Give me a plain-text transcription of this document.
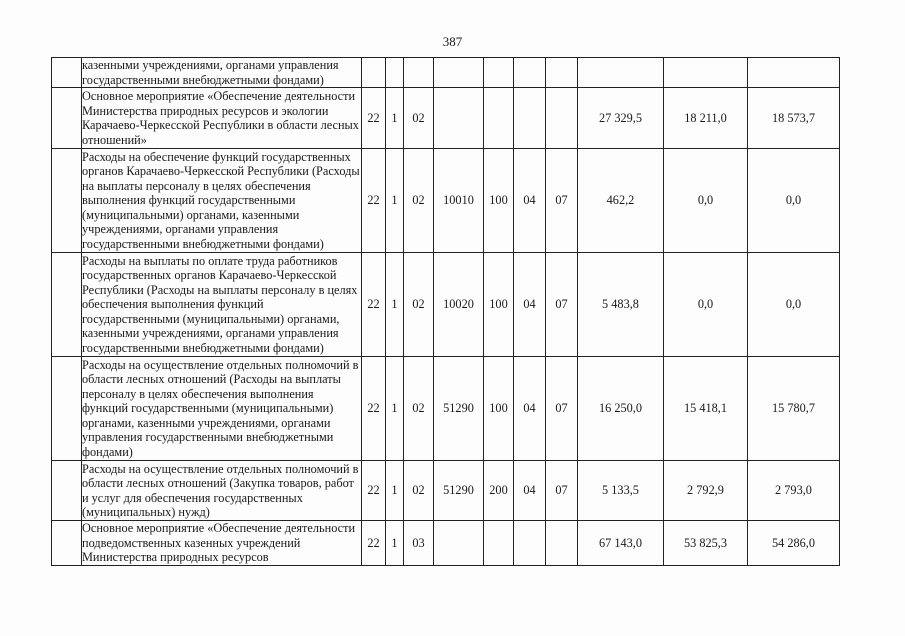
387
	казенными учреждениями, органами управления государственными внебюджетными фондами)										
	Основное мероприятие «Обеспечение деятельности Министерства природных ресурсов и экологии Карачаево-Черкесской Республики в области лесных отношений»	22	1	02					27 329,5	18 211,0	18 573,7
	Расходы на обеспечение функций государственных органов Карачаево-Черкесской Республики (Расходы на выплаты персоналу в целях обеспечения выполнения функций государственными (муниципальными) органами, казенными учреждениями, органами управления государственными внебюджетными фондами)	22	1	02	10010	100	04	07	462,2	0,0	0,0
	Расходы на выплаты по оплате труда работников государственных органов Карачаево-Черкесской Республики (Расходы на выплаты персоналу в целях обеспечения выполнения функций государственными (муниципальными) органами, казенными учреждениями, органами управления государственными внебюджетными фондами)	22	1	02	10020	100	04	07	5 483,8	0,0	0,0
	Расходы на осуществление отдельных полномочий в области лесных отношений (Расходы на выплаты персоналу в целях обеспечения выполнения функций государственными (муниципальными) органами, казенными учреждениями, органами управления государственными внебюджетными фондами)	22	1	02	51290	100	04	07	16 250,0	15 418,1	15 780,7
	Расходы на осуществление отдельных полномочий в области лесных отношений (Закупка товаров, работ и услуг для обеспечения государственных (муниципальных) нужд)	22	1	02	51290	200	04	07	5 133,5	2 792,9	2 793,0
	Основное мероприятие «Обеспечение деятельности подведомственных казенных учреждений Министерства природных ресурсов	22	1	03					67 143,0	53 825,3	54 286,0
